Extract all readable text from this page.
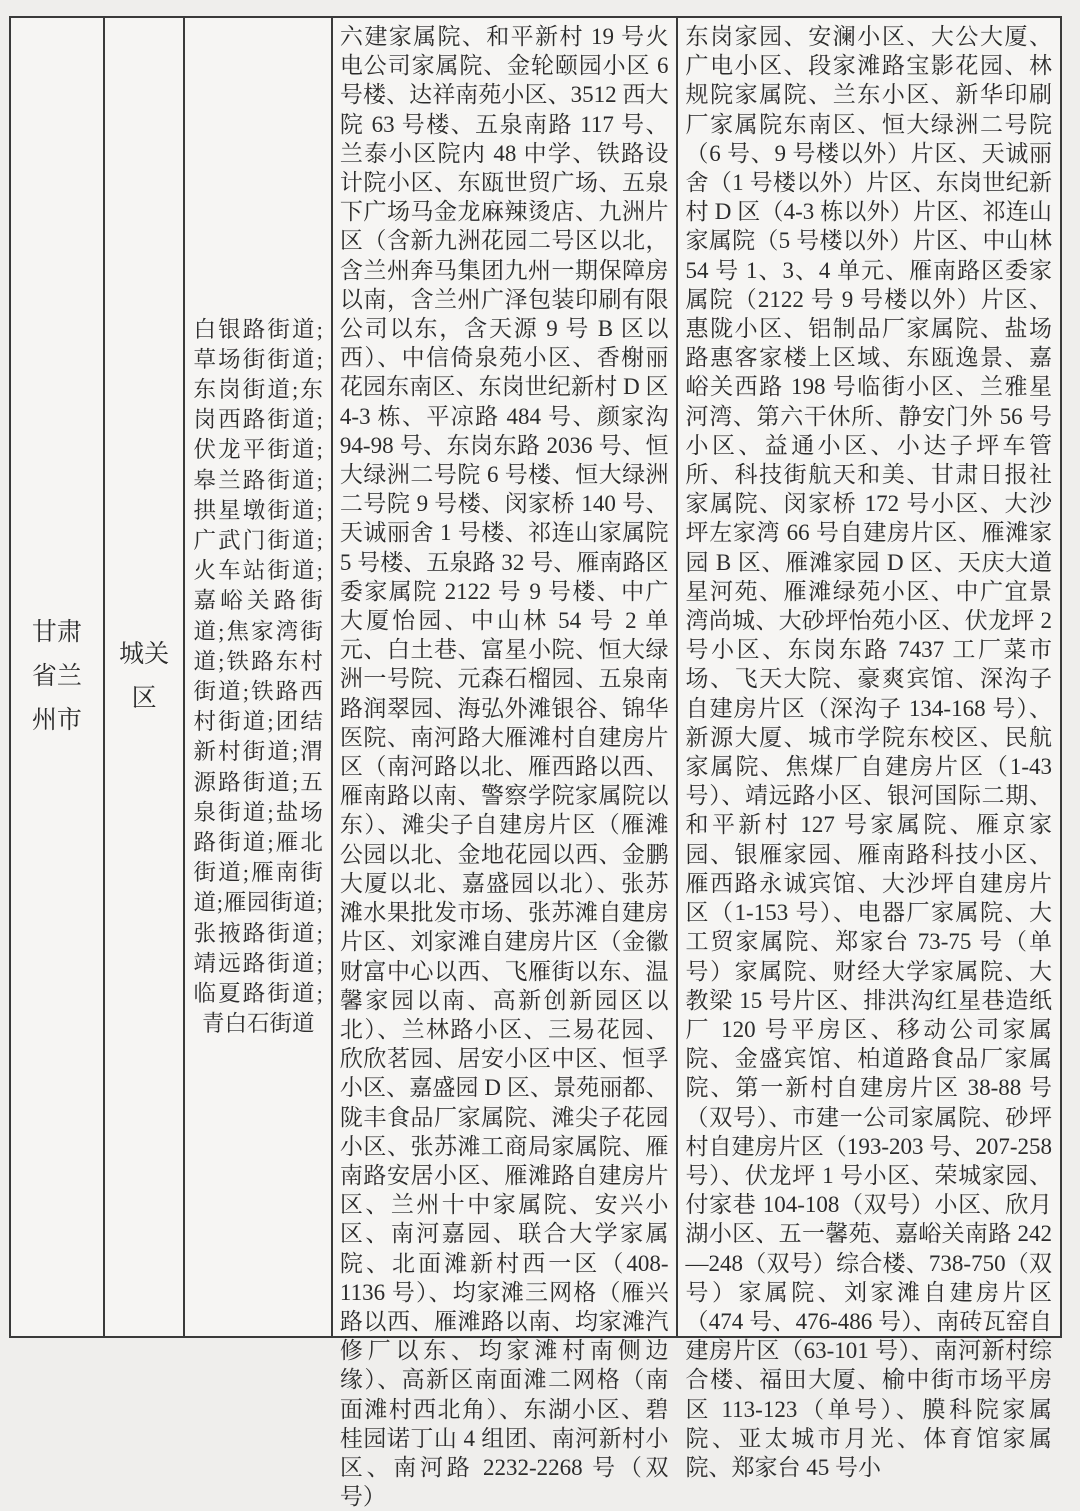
甘肃省兰州市
城关区
白银路街道;草场街街道;东岗街道;东岗西路街道;伏龙平街道;皋兰路街道;拱星墩街道;广武门街道;火车站街道;嘉峪关路街道;焦家湾街道;铁路东村街道;铁路西村街道;团结新村街道;渭源路街道;五泉街道;盐场路街道;雁北街道;雁南街道;雁园街道;张掖路街道;靖远路街道;临夏路街道;青白石街道
六建家属院、和平新村 19 号火电公司家属院、金轮颐园小区 6 号楼、达祥南苑小区、3512 西大院 63 号楼、五泉南路 117 号、兰泰小区院内 48 中学、铁路设计院小区、东瓯世贸广场、五泉下广场马金龙麻辣烫店、九洲片区（含新九洲花园二号区以北，含兰州奔马集团九州一期保障房以南，含兰州广泽包装印刷有限公司以东，含天源 9 号 B 区以西）、中信倚泉苑小区、香榭丽花园东南区、东岗世纪新村 D 区 4-3 栋、平凉路 484 号、颜家沟 94-98 号、东岗东路 2036 号、恒大绿洲二号院 6 号楼、恒大绿洲二号院 9 号楼、闵家桥 140 号、天诚丽舍 1 号楼、祁连山家属院 5 号楼、五泉路 32 号、雁南路区委家属院 2122 号 9 号楼、中广大厦怡园、中山林 54 号 2 单元、白土巷、富星小院、恒大绿洲一号院、元森石榴园、五泉南路润翠园、海弘外滩银谷、锦华医院、南河路大雁滩村自建房片区（南河路以北、雁西路以西、雁南路以南、警察学院家属院以东）、滩尖子自建房片区（雁滩公园以北、金地花园以西、金鹏大厦以北、嘉盛园以北）、张苏滩水果批发市场、张苏滩自建房片区、刘家滩自建房片区（金徽财富中心以西、飞雁街以东、温馨家园以南、高新创新园区以北）、兰林路小区、三易花园、欣欣茗园、居安小区中区、恒孚小区、嘉盛园 D 区、景苑丽都、陇丰食品厂家属院、滩尖子花园小区、张苏滩工商局家属院、雁南路安居小区、雁滩路自建房片区、兰州十中家属院、安兴小区、南河嘉园、联合大学家属院、北面滩新村西一区（408-1136 号）、均家滩三网格（雁兴路以西、雁滩路以南、均家滩汽修厂以东、均家滩村南侧边缘）、高新区南面滩二网格（南面滩村西北角）、东湖小区、碧桂园诺丁山 4 组团、南河新村小区、南河路 2232-2268 号（双号）
东岗家园、安澜小区、大公大厦、广电小区、段家滩路宝影花园、林规院家属院、兰东小区、新华印刷厂家属院东南区、恒大绿洲二号院（6 号、9 号楼以外）片区、天诚丽舍（1 号楼以外）片区、东岗世纪新村 D 区（4-3 栋以外）片区、祁连山家属院（5 号楼以外）片区、中山林 54 号 1、3、4 单元、雁南路区委家属院（2122 号 9 号楼以外）片区、惠陇小区、铝制品厂家属院、盐场路惠客家楼上区域、东瓯逸景、嘉峪关西路 198 号临街小区、兰雅星河湾、第六干休所、静安门外 56 号小区、益通小区、小达子坪车管所、科技街航天和美、甘肃日报社家属院、闵家桥 172 号小区、大沙坪左家湾 66 号自建房片区、雁滩家园 B 区、雁滩家园 D 区、天庆大道星河苑、雁滩绿苑小区、中广宜景湾尚城、大砂坪怡苑小区、伏龙坪 2 号小区、东岗东路 7437 工厂菜市场、飞天大院、豪爽宾馆、深沟子自建房片区（深沟子 134-168 号）、新源大厦、城市学院东校区、民航家属院、焦煤厂自建房片区（1-43 号）、靖远路小区、银河国际二期、和平新村 127 号家属院、雁京家园、银雁家园、雁南路科技小区、雁西路永诚宾馆、大沙坪自建房片区（1-153 号）、电器厂家属院、大工贸家属院、郑家台 73-75 号（单号）家属院、财经大学家属院、大教梁 15 号片区、排洪沟红星巷造纸厂 120 号平房区、移动公司家属院、金盛宾馆、柏道路食品厂家属院、第一新村自建房片区 38-88 号（双号）、市建一公司家属院、砂坪村自建房片区（193-203 号、207-258 号）、伏龙坪 1 号小区、荣城家园、付家巷 104-108（双号）小区、欣月湖小区、五一馨苑、嘉峪关南路 242—248（双号）综合楼、738-750（双号）家属院、刘家滩自建房片区（474 号、476-486 号）、南砖瓦窑自建房片区（63-101 号）、南河新村综合楼、福田大厦、榆中街市场平房区 113-123（单号）、膜科院家属院、亚太城市月光、体育馆家属院、郑家台 45 号小
